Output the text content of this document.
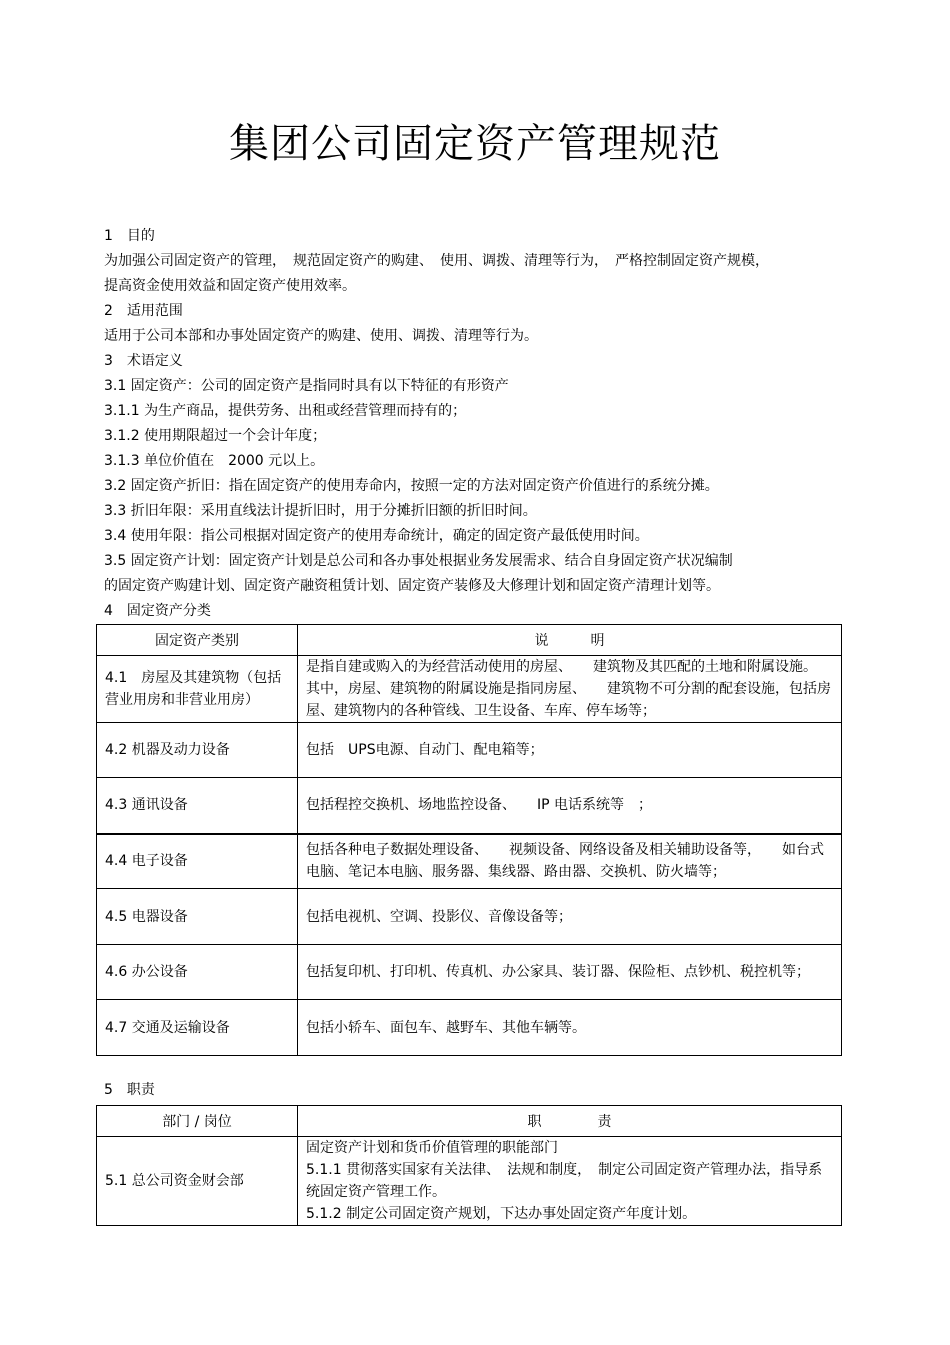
集团公司固定资产管理规范
1　目的
为加强公司固定资产的管理，　规范固定资产的购建、　使用、调拨、清理等行为，　严格控制固定资产规模，
提高资金使用效益和固定资产使用效率。
2　适用范围
适用于公司本部和办事处固定资产的购建、使用、调拨、清理等行为。
3　术语定义
3.1 固定资产：公司的固定资产是指同时具有以下特征的有形资产
3.1.1 为生产商品，提供劳务、出租或经营管理而持有的；
3.1.2 使用期限超过一个会计年度；
3.1.3 单位价值在　2000 元以上。
3.2 固定资产折旧：指在固定资产的使用寿命内，按照一定的方法对固定资产价值进行的系统分摊。
3.3 折旧年限：采用直线法计提折旧时，用于分摊折旧额的折旧时间。
3.4 使用年限：指公司根据对固定资产的使用寿命统计，确定的固定资产最低使用时间。
3.5 固定资产计划：固定资产计划是总公司和各办事处根据业务发展需求、结合自身固定资产状况编制
的固定资产购建计划、固定资产融资租赁计划、固定资产装修及大修理计划和固定资产清理计划等。
4　固定资产分类
固定资产类别	说　　　明
4.1　房屋及其建筑物（包括营业用房和非营业用房）	是指自建或购入的为经营活动使用的房屋、　　建筑物及其匹配的土地和附属设施。 其中，房屋、建筑物的附属设施是指同房屋、　　建筑物不可分割的配套设施，包括房屋、建筑物内的各种管线、卫生设备、车库、停车场等；
4.2 机器及动力设备	包括　UPS电源、自动门、配电箱等；
4.3 通讯设备	包括程控交换机、场地监控设备、　　IP 电话系统等　；
4.4 电子设备	包括各种电子数据处理设备、　　视频设备、网络设备及相关辅助设备等，　　如台式电脑、笔记本电脑、服务器、集线器、路由器、交换机、防火墙等；
4.5 电器设备	包括电视机、空调、投影仪、音像设备等；
4.6 办公设备	包括复印机、打印机、传真机、办公家具、装订器、保险柜、点钞机、税控机等；
4.7 交通及运输设备	包括小轿车、面包车、越野车、其他车辆等。
5　职责
部门 / 岗位	职　　　　责
5.1 总公司资金财会部	固定资产计划和货币价值管理的职能部门
5.1.1 贯彻落实国家有关法律、　法规和制度，　制定公司固定资产管理办法，指导系统固定资产管理工作。
5.1.2 制定公司固定资产规划，下达办事处固定资产年度计划。
